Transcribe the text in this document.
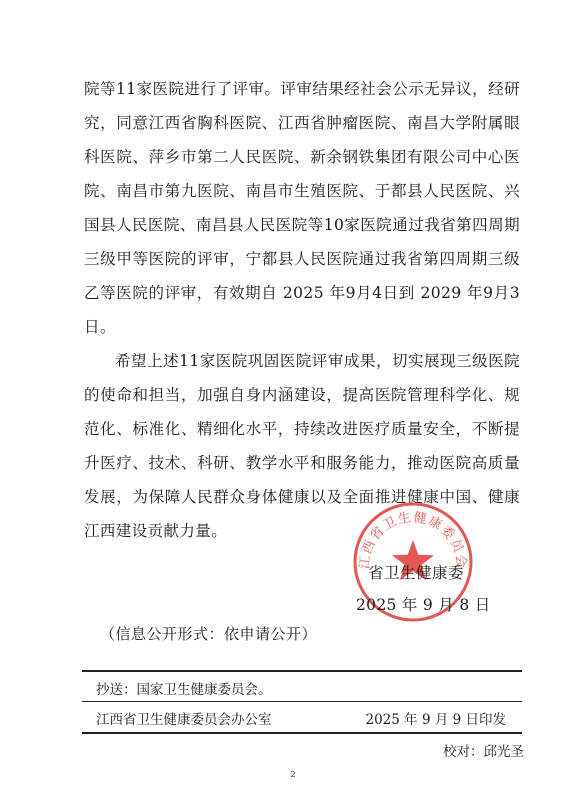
院等11家医院进行了评审。评审结果经社会公示无异议，经研究，同意江西省胸科医院、江西省肿瘤医院、南昌大学附属眼科医院、萍乡市第二人民医院、新余钢铁集团有限公司中心医院、南昌市第九医院、南昌市生殖医院、于都县人民医院、兴国县人民医院、南昌县人民医院等10家医院通过我省第四周期三级甲等医院的评审，宁都县人民医院通过我省第四周期三级乙等医院的评审，有效期自 2025 年9月4日到 2029 年9月3日。

希望上述11家医院巩固医院评审成果，切实展现三级医院的使命和担当，加强自身内涵建设，提高医院管理科学化、规范化、标准化、精细化水平，持续改进医疗质量安全，不断提升医疗、技术、科研、教学水平和服务能力，推动医院高质量发展，为保障人民群众身体健康以及全面推进健康中国、健康江西建设贡献力量。

江西省卫生健康委员会
省卫生健康委
2025 年 9 月 8 日
（信息公开形式：依申请公开）
抄送：国家卫生健康委员会。
江西省卫生健康委员会办公室	2025 年 9 月 9 日印发
校对：邱光圣
2
